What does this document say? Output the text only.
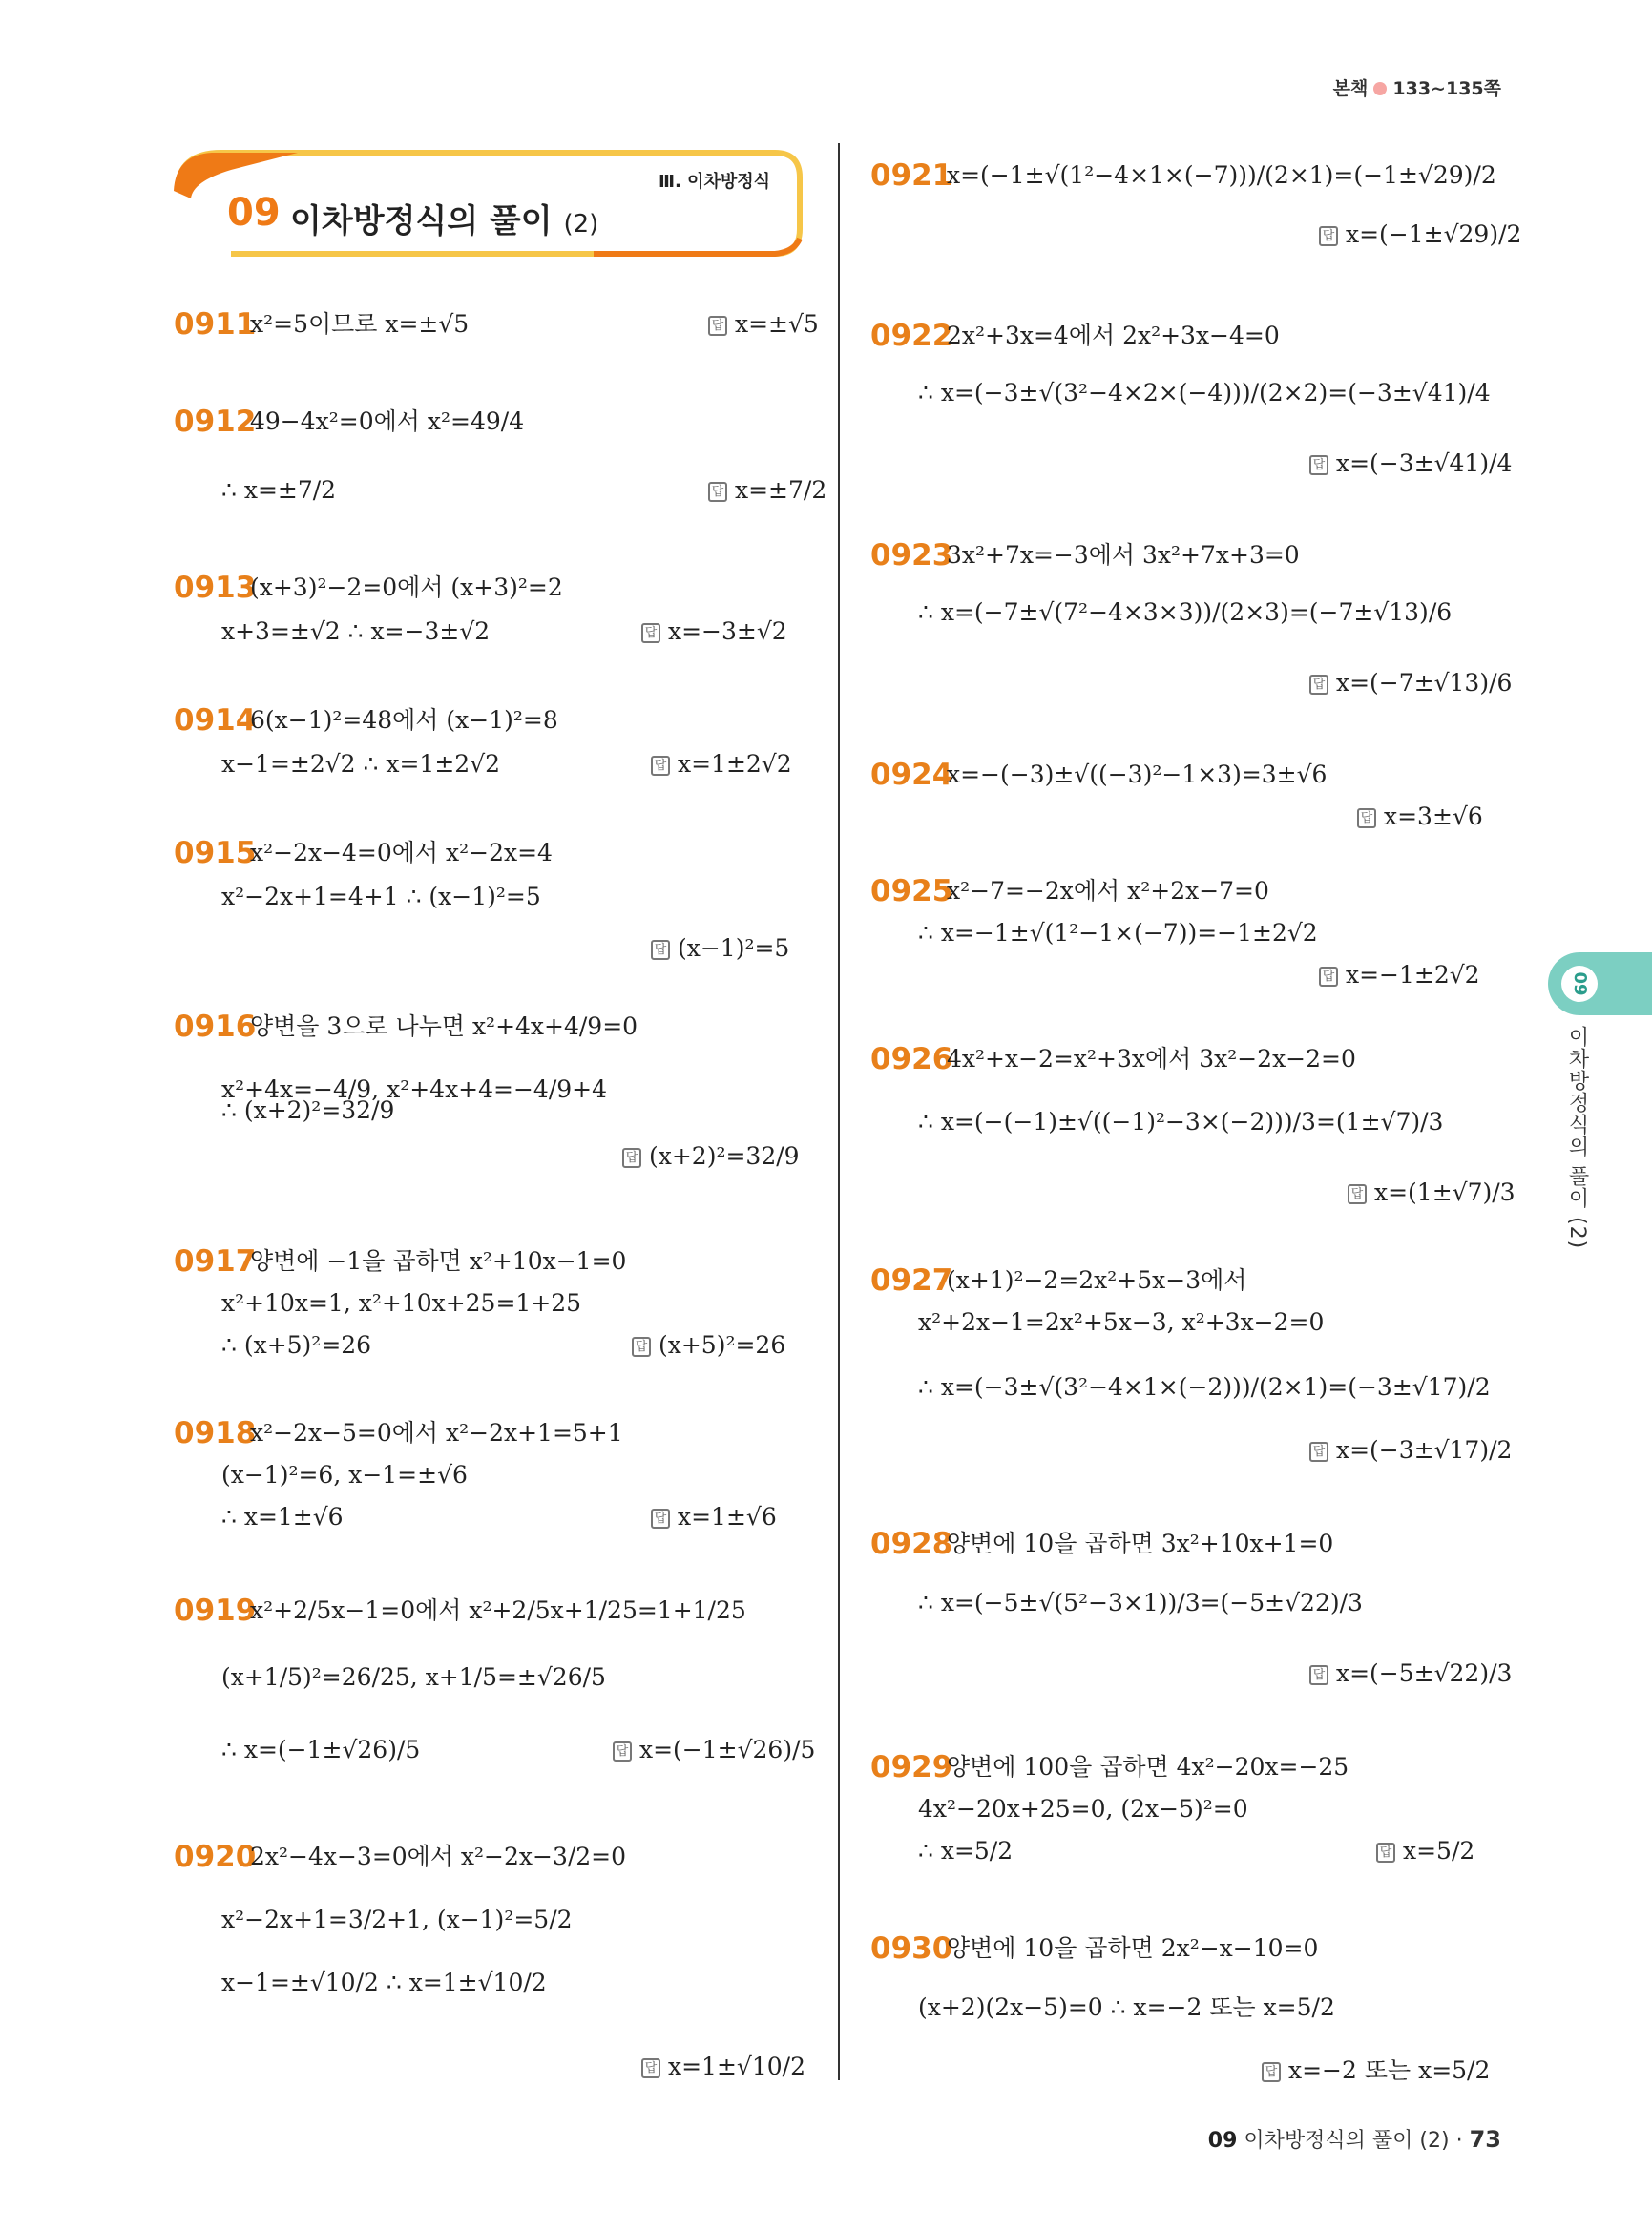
본책 133~135쪽
Ⅲ. 이차방정식
09 이차방정식의 풀이 (2)
0911
x²=5이므로 x=±√5	답 x=±√5
0912
49−4x²=0에서 x²=49/4
∴ x=±7/2	답 x=±7/2
0913
(x+3)²−2=0에서 (x+3)²=2
x+3=±√2 ∴ x=−3±√2	답 x=−3±√2
0914
6(x−1)²=48에서 (x−1)²=8
x−1=±2√2 ∴ x=1±2√2	답 x=1±2√2
0915
x²−2x−4=0에서 x²−2x=4
x²−2x+1=4+1 ∴ (x−1)²=5
답 (x−1)²=5
0916
양변을 3으로 나누면 x²+4x+4/9=0
x²+4x=−4/9, x²+4x+4=−4/9+4
∴ (x+2)²=32/9
답 (x+2)²=32/9
0917
양변에 −1을 곱하면 x²+10x−1=0
x²+10x=1, x²+10x+25=1+25
∴ (x+5)²=26	답 (x+5)²=26
0918
x²−2x−5=0에서 x²−2x+1=5+1
(x−1)²=6, x−1=±√6
∴ x=1±√6	답 x=1±√6
0919
x²+2/5x−1=0에서 x²+2/5x+1/25=1+1/25
(x+1/5)²=26/25, x+1/5=±√26/5
∴ x=(−1±√26)/5	답 x=(−1±√26)/5
0920
2x²−4x−3=0에서 x²−2x−3/2=0
x²−2x+1=3/2+1, (x−1)²=5/2
x−1=±√10/2 ∴ x=1±√10/2
답 x=1±√10/2
0921
x=(−1±√(1²−4×1×(−7)))/(2×1)=(−1±√29)/2
답 x=(−1±√29)/2
0922
2x²+3x=4에서 2x²+3x−4=0
∴ x=(−3±√(3²−4×2×(−4)))/(2×2)=(−3±√41)/4
답 x=(−3±√41)/4
0923
3x²+7x=−3에서 3x²+7x+3=0
∴ x=(−7±√(7²−4×3×3))/(2×3)=(−7±√13)/6
답 x=(−7±√13)/6
0924
x=−(−3)±√((−3)²−1×3)=3±√6
답 x=3±√6
0925
x²−7=−2x에서 x²+2x−7=0
∴ x=−1±√(1²−1×(−7))=−1±2√2
답 x=−1±2√2
0926
4x²+x−2=x²+3x에서 3x²−2x−2=0
∴ x=(−(−1)±√((−1)²−3×(−2)))/3=(1±√7)/3
답 x=(1±√7)/3
0927
(x+1)²−2=2x²+5x−3에서
x²+2x−1=2x²+5x−3, x²+3x−2=0
∴ x=(−3±√(3²−4×1×(−2)))/(2×1)=(−3±√17)/2
답 x=(−3±√17)/2
0928
양변에 10을 곱하면 3x²+10x+1=0
∴ x=(−5±√(5²−3×1))/3=(−5±√22)/3
답 x=(−5±√22)/3
0929
양변에 100을 곱하면 4x²−20x=−25
4x²−20x+25=0, (2x−5)²=0
∴ x=5/2	답 x=5/2
0930
양변에 10을 곱하면 2x²−x−10=0
(x+2)(2x−5)=0 ∴ x=−2 또는 x=5/2
답 x=−2 또는 x=5/2
09
이차방정식의 풀이 (2)
09 이차방정식의 풀이 (2) · 73
